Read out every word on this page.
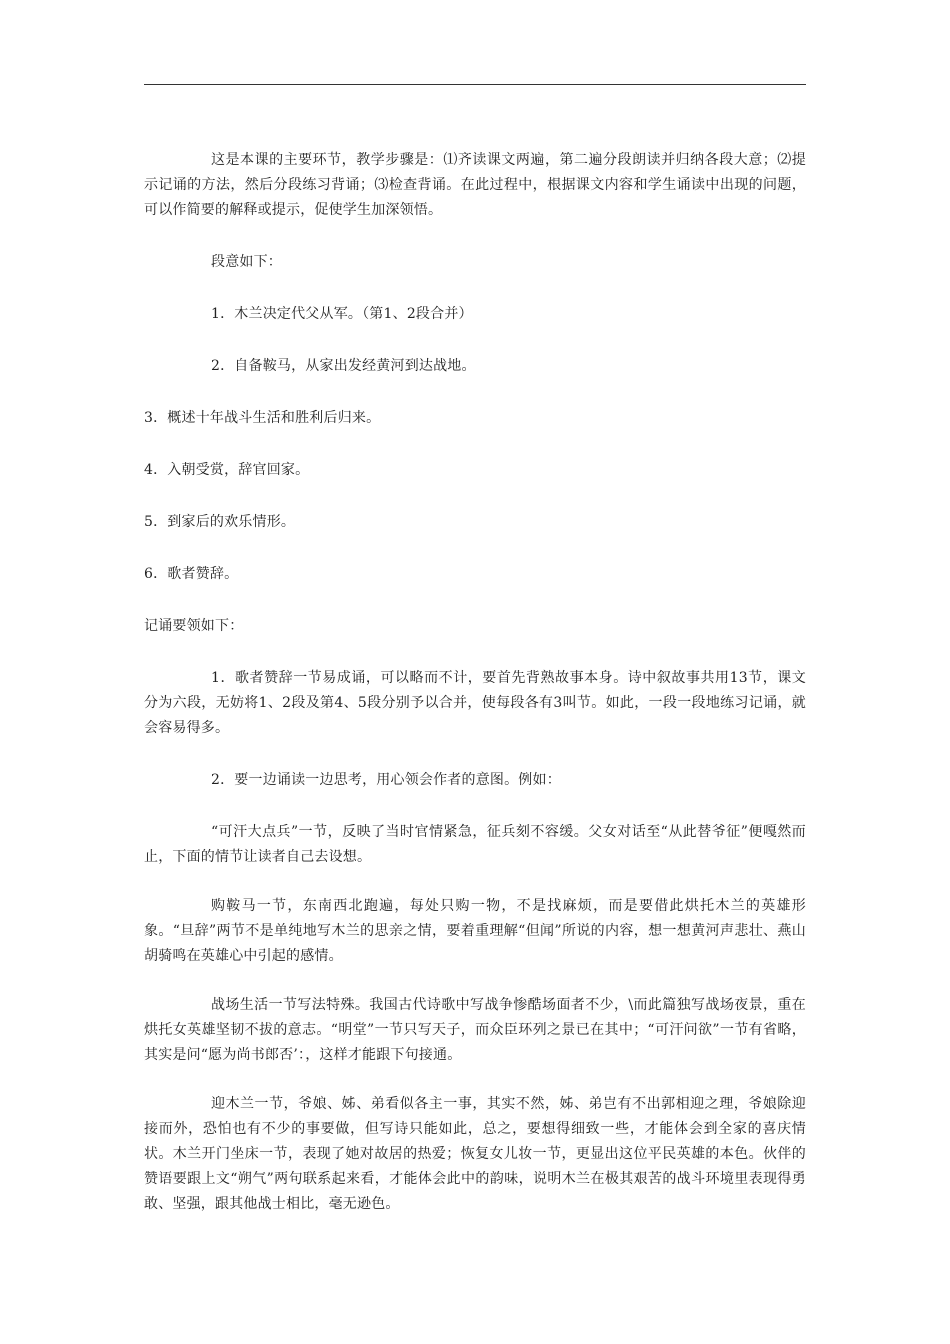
这是本课的主要环节，教学步骤是：⑴齐读课文两遍，第二遍分段朗读并归纳各段大意；⑵提示记诵的方法，然后分段练习背诵；⑶检查背诵。在此过程中，根据课文内容和学生诵读中出现的问题，可以作简要的解释或提示，促使学生加深领悟。

段意如下：

1．木兰决定代父从军。（第1、2段合并）

2．自备鞍马，从家出发经黄河到达战地。

3．概述十年战斗生活和胜利后归来。

4．入朝受赏，辞官回家。

5．到家后的欢乐情形。

6．歌者赞辞。

记诵要领如下：

1．歌者赞辞一节易成诵，可以略而不计，要首先背熟故事本身。诗中叙故事共用13节，课文分为六段，无妨将1、2段及第4、5段分别予以合并，使每段各有3叫节。如此，一段一段地练习记诵，就会容易得多。

2．要一边诵读一边思考，用心领会作者的意图。例如：

“可汗大点兵”一节，反映了当时官情紧急，征兵刻不容缓。父女对话至“从此替爷征”便嘎然而止，下面的情节让读者自己去设想。

购鞍马一节，东南西北跑遍，每处只购一物，不是找麻烦，而是要借此烘托木兰的英雄形象。“旦辞”两节不是单纯地写木兰的思亲之情，要着重理解“但闻”所说的内容，想一想黄河声悲壮、燕山胡骑鸣在英雄心中引起的感情。

战场生活一节写法特殊。我国古代诗歌中写战争惨酷场面者不少，\而此篇独写战场夜景，重在烘托女英雄坚韧不拔的意志。“明堂”一节只写天子，而众臣环列之景已在其中；“可汗问欲”一节有省略，其实是问“愿为尚书郎否’：，这样才能跟下句接通。

迎木兰一节，爷娘、姊、弟看似各主一事，其实不然，姊、弟岂有不出郭相迎之理，爷娘除迎接而外，恐怕也有不少的事要做，但写诗只能如此，总之，要想得细致一些，才能体会到全家的喜庆情状。木兰开门坐床一节，表现了她对故居的热爱；恢复女儿妆一节，更显出这位平民英雄的本色。伙伴的赞语要跟上文“朔气”两句联系起来看，才能体会此中的韵味，说明木兰在极其艰苦的战斗环境里表现得勇敢、坚强，跟其他战士相比，毫无逊色。
